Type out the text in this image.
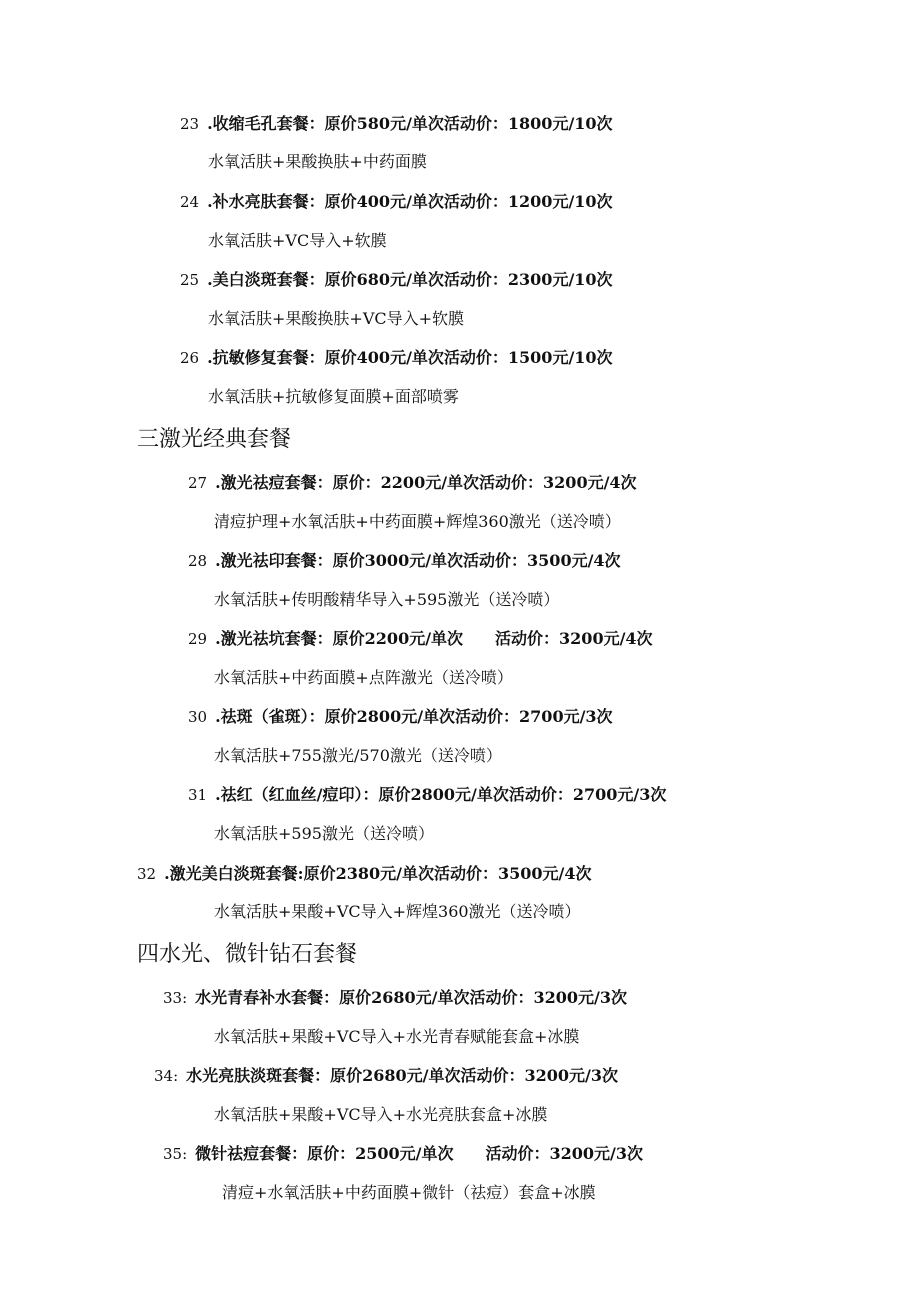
23 .收缩毛孔套餐：原价580元/单次活动价：1800元/10次
水氧活肤+果酸换肤+中药面膜
24 .补水亮肤套餐：原价400元/单次活动价：1200元/10次
水氧活肤+VC导入+软膜
25 .美白淡斑套餐：原价680元/单次活动价：2300元/10次
水氧活肤+果酸换肤+VC导入+软膜
26 .抗敏修复套餐：原价400元/单次活动价：1500元/10次
水氧活肤+抗敏修复面膜+面部喷雾
三激光经典套餐
27 .激光祛痘套餐：原价：2200元/单次活动价：3200元/4次
清痘护理+水氧活肤+中药面膜+辉煌360激光（送冷喷）
28 .激光祛印套餐：原价3000元/单次活动价：3500元/4次
水氧活肤+传明酸精华导入+595激光（送冷喷）
29 .激光祛坑套餐：原价2200元/单次　　活动价：3200元/4次
水氧活肤+中药面膜+点阵激光（送冷喷）
30 .祛斑（雀斑）：原价2800元/单次活动价：2700元/3次
水氧活肤+755激光/570激光（送冷喷）
31 .祛红（红血丝/痘印）：原价2800元/单次活动价：2700元/3次
水氧活肤+595激光（送冷喷）
32 .激光美白淡斑套餐:原价2380元/单次活动价：3500元/4次
水氧活肤+果酸+VC导入+辉煌360激光（送冷喷）
四水光、微针钻石套餐
33: 水光青春补水套餐：原价2680元/单次活动价：3200元/3次
水氧活肤+果酸+VC导入+水光青春赋能套盒+冰膜
34: 水光亮肤淡斑套餐：原价2680元/单次活动价：3200元/3次
水氧活肤+果酸+VC导入+水光亮肤套盒+冰膜
35: 微针祛痘套餐：原价：2500元/单次　　活动价：3200元/3次
清痘+水氧活肤+中药面膜+微针（祛痘）套盒+冰膜
